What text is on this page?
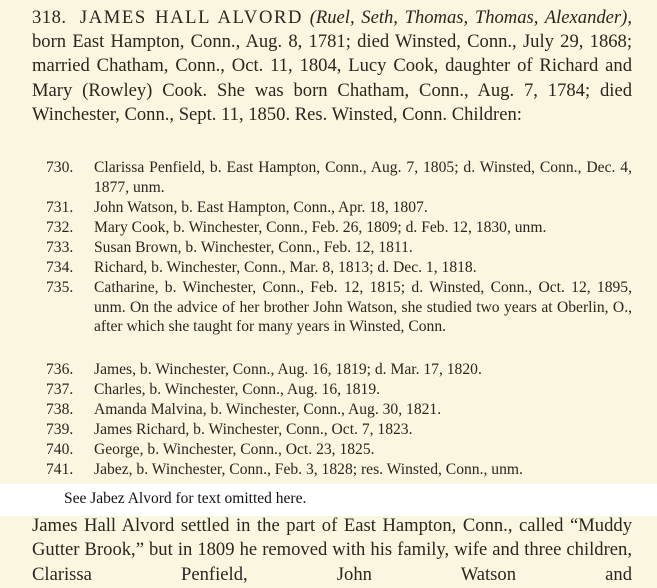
318. JAMES HALL ALVORD (Ruel, Seth, Thomas, Thomas, Alexander), born East Hampton, Conn., Aug. 8, 1781; died Winsted, Conn., July 29, 1868; married Chatham, Conn., Oct. 11, 1804, Lucy Cook, daughter of Richard and Mary (Rowley) Cook. She was born Chatham, Conn., Aug. 7, 1784; died Winchester, Conn., Sept. 11, 1850. Res. Winsted, Conn. Children:

730.	Clarissa Penfield, b. East Hampton, Conn., Aug. 7, 1805; d. Winsted, Conn., Dec. 4, 1877, unm.
731.	John Watson, b. East Hampton, Conn., Apr. 18, 1807.
732.	Mary Cook, b. Winchester, Conn., Feb. 26, 1809; d. Feb. 12, 1830, unm.
733.	Susan Brown, b. Winchester, Conn., Feb. 12, 1811.
734.	Richard, b. Winchester, Conn., Mar. 8, 1813; d. Dec. 1, 1818.
735.	Catharine, b. Winchester, Conn., Feb. 12, 1815; d. Winsted, Conn., Oct. 12, 1895, unm. On the advice of her brother John Watson, she studied two years at Oberlin, O., after which she taught for many years in Winsted, Conn.
736.	James, b. Winchester, Conn., Aug. 16, 1819; d. Mar. 17, 1820.
737.	Charles, b. Winchester, Conn., Aug. 16, 1819.
738.	Amanda Malvina, b. Winchester, Conn., Aug. 30, 1821.
739.	James Richard, b. Winchester, Conn., Oct. 7, 1823.
740.	George, b. Winchester, Conn., Oct. 23, 1825.
741.	Jabez, b. Winchester, Conn., Feb. 3, 1828; res. Winsted, Conn., unm.
See Jabez Alvord for text omitted here.

James Hall Alvord settled in the part of East Hampton, Conn., called “Muddy Gutter Brook,” but in 1809 he removed with his family, wife and three children, Clarissa Penfield, John Watson and
